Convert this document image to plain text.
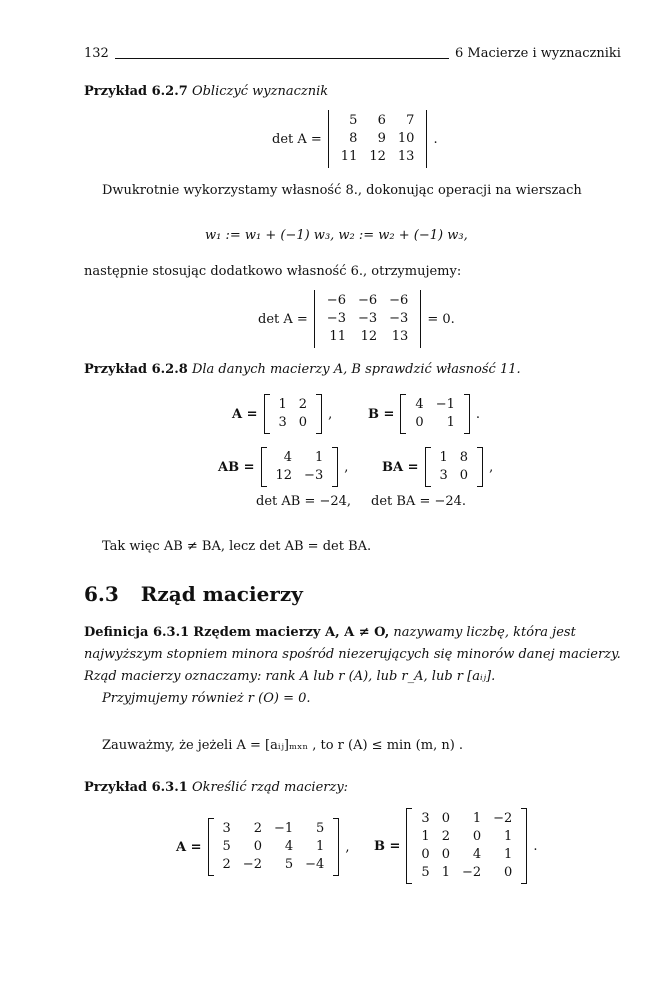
132	6 Macierze i wyznaczniki
Przykład 6.2.7 Obliczyć wyznacznik
det A =
5	6	7
8	9	10
11	12	13
.
Dwukrotnie wykorzystamy własność 8., dokonując operacji na wierszach
w₁ := w₁ + (−1) w₃, w₂ := w₂ + (−1) w₃,
następnie stosując dodatkowo własność 6., otrzymujemy:
det A =
−6	−6	−6
−3	−3	−3
11	12	13
= 0.
Przykład 6.2.8 Dla danych macierzy A, B sprawdzić własność 11.
A =
1	2
3	0
,	B =
4	−1
0	1
.
AB =
4	1
12	−3
,	BA =
1	8
3	0
,
det AB = −24, det BA = −24.
Tak więc AB ≠ BA, lecz det AB = det BA.
6.3 Rząd macierzy
Definicja 6.3.1 Rzędem macierzy A, A ≠ O, nazywamy liczbę, która jest
najwyższym stopniem minora spośród niezerujących się minorów danej macierzy.
Rząd macierzy oznaczamy: rank A lub r (A), lub r_A, lub r [aᵢⱼ].
Przyjmujemy również r (O) = 0.
Zauważmy, że jeżeli A = [aᵢⱼ]ₘₓₙ , to r (A) ≤ min (m, n) .
Przykład 6.3.1 Określić rząd macierzy:
A =
3	2	−1	5
5	0	4	1
2	−2	5	−4
, B =
3	0	1	−2
1	2	0	1
0	0	4	1
5	1	−2	0
.
